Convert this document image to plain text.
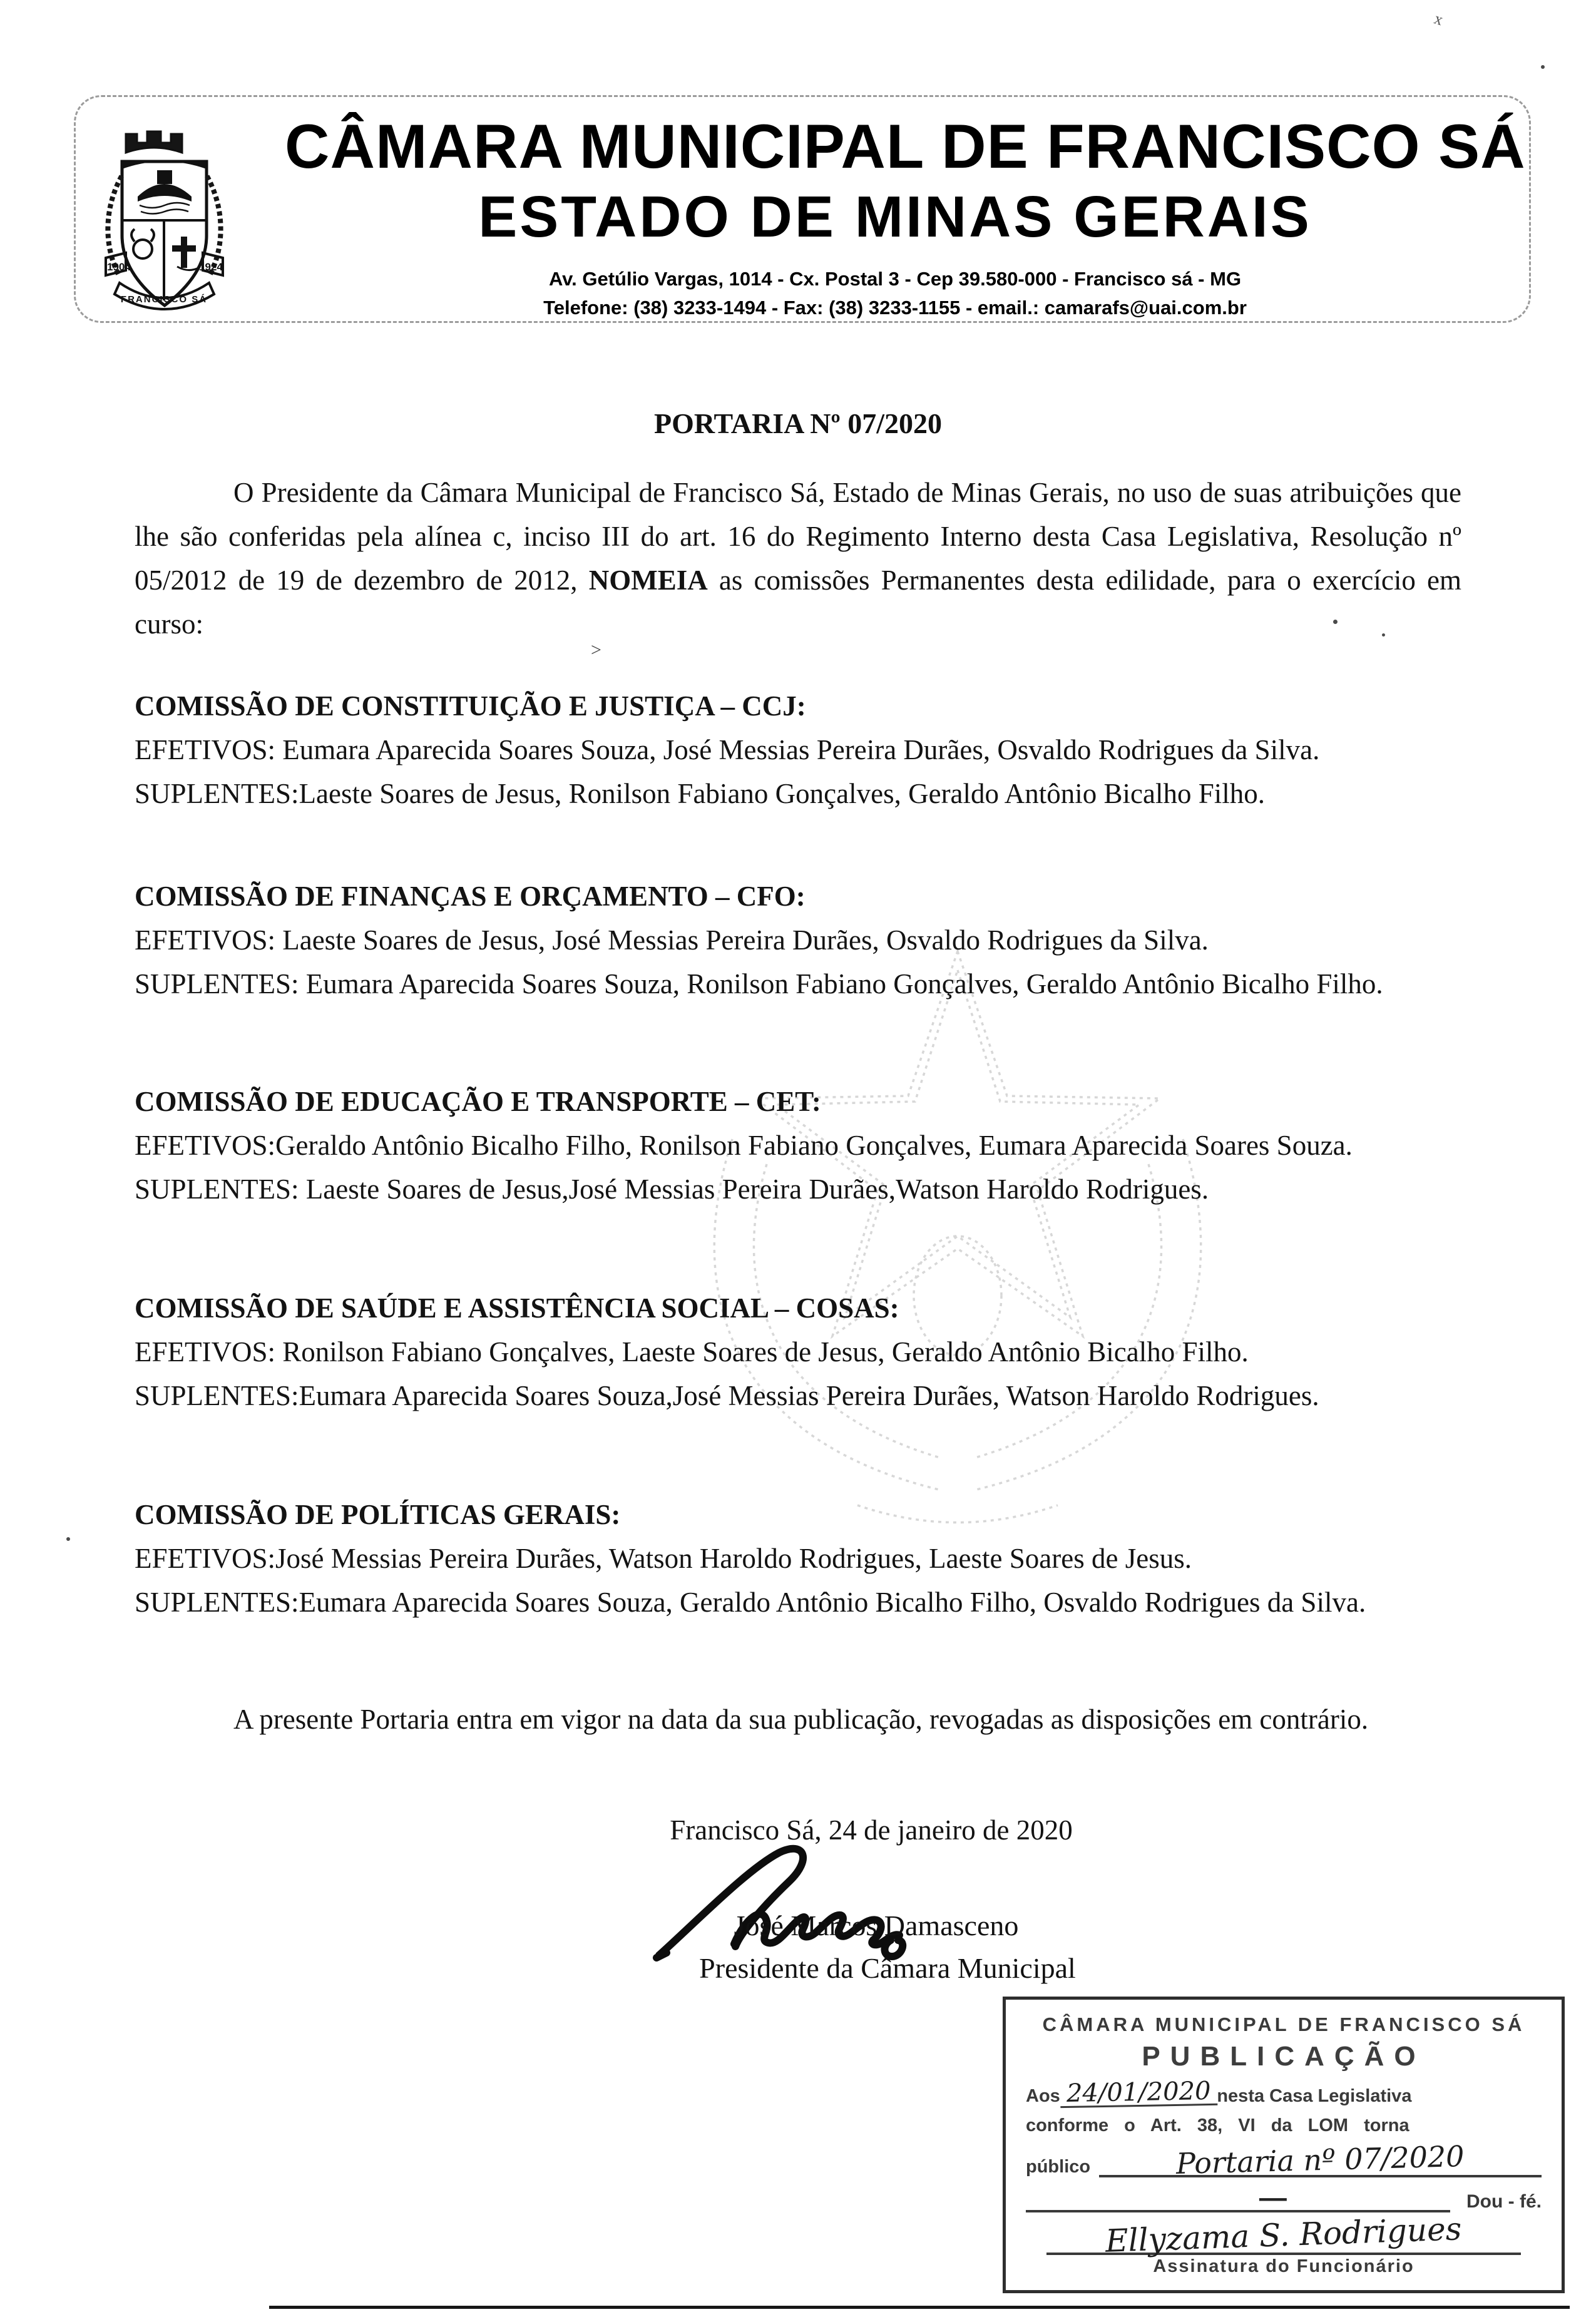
1904	1924
FRANCISCO SÁ
CÂMARA MUNICIPAL DE FRANCISCO SÁ
ESTADO DE MINAS GERAIS
Av. Getúlio Vargas, 1014 - Cx. Postal 3 - Cep 39.580-000 - Francisco sá - MG
Telefone: (38) 3233-1494 - Fax: (38) 3233-1155 - email.: camarafs@uai.com.br
PORTARIA Nº 07/2020
O Presidente da Câmara Municipal de Francisco Sá, Estado de Minas Gerais, no uso de suas atribuições que lhe são conferidas pela alínea c, inciso III do art. 16 do Regimento Interno desta Casa Legislativa, Resolução nº 05/2012 de 19 de dezembro de 2012, NOMEIA as comissões Permanentes desta edilidade, para o exercício em curso:
COMISSÃO DE CONSTITUIÇÃO E JUSTIÇA – CCJ:
EFETIVOS: Eumara Aparecida Soares Souza, José Messias Pereira Durães, Osvaldo Rodrigues da Silva.
SUPLENTES:Laeste Soares de Jesus, Ronilson Fabiano Gonçalves, Geraldo Antônio Bicalho Filho.
COMISSÃO DE FINANÇAS E ORÇAMENTO – CFO:
EFETIVOS: Laeste Soares de Jesus, José Messias Pereira Durães, Osvaldo Rodrigues da Silva.
SUPLENTES: Eumara Aparecida Soares Souza, Ronilson Fabiano Gonçalves, Geraldo Antônio Bicalho Filho.
COMISSÃO DE EDUCAÇÃO E TRANSPORTE – CET:
EFETIVOS:Geraldo Antônio Bicalho Filho, Ronilson Fabiano Gonçalves, Eumara Aparecida Soares Souza.
SUPLENTES: Laeste Soares de Jesus,José Messias Pereira Durães,Watson Haroldo Rodrigues.
COMISSÃO DE SAÚDE E ASSISTÊNCIA SOCIAL – COSAS:
EFETIVOS: Ronilson Fabiano Gonçalves, Laeste Soares de Jesus, Geraldo Antônio Bicalho Filho.
SUPLENTES:Eumara Aparecida Soares Souza,José Messias Pereira Durães, Watson Haroldo Rodrigues.
COMISSÃO DE POLÍTICAS GERAIS:
EFETIVOS:José Messias Pereira Durães, Watson Haroldo Rodrigues, Laeste Soares de Jesus.
SUPLENTES:Eumara Aparecida Soares Souza, Geraldo Antônio Bicalho Filho, Osvaldo Rodrigues da Silva.
A presente Portaria entra em vigor na data da sua publicação, revogadas as disposições em contrário.
Francisco Sá, 24 de janeiro de 2020
José Marcos Damasceno
Presidente da Câmara Municipal
CÂMARA MUNICIPAL DE FRANCISCO SÁ
PUBLICAÇÃO
Aos 24/01/2020 nesta Casa Legislativa
conforme o Art. 38, VI da LOM torna
público	Portaria nº 07/2020
—	Dou - fé.
Ellyzama S. Rodrigues
Assinatura do Funcionário
x
>
